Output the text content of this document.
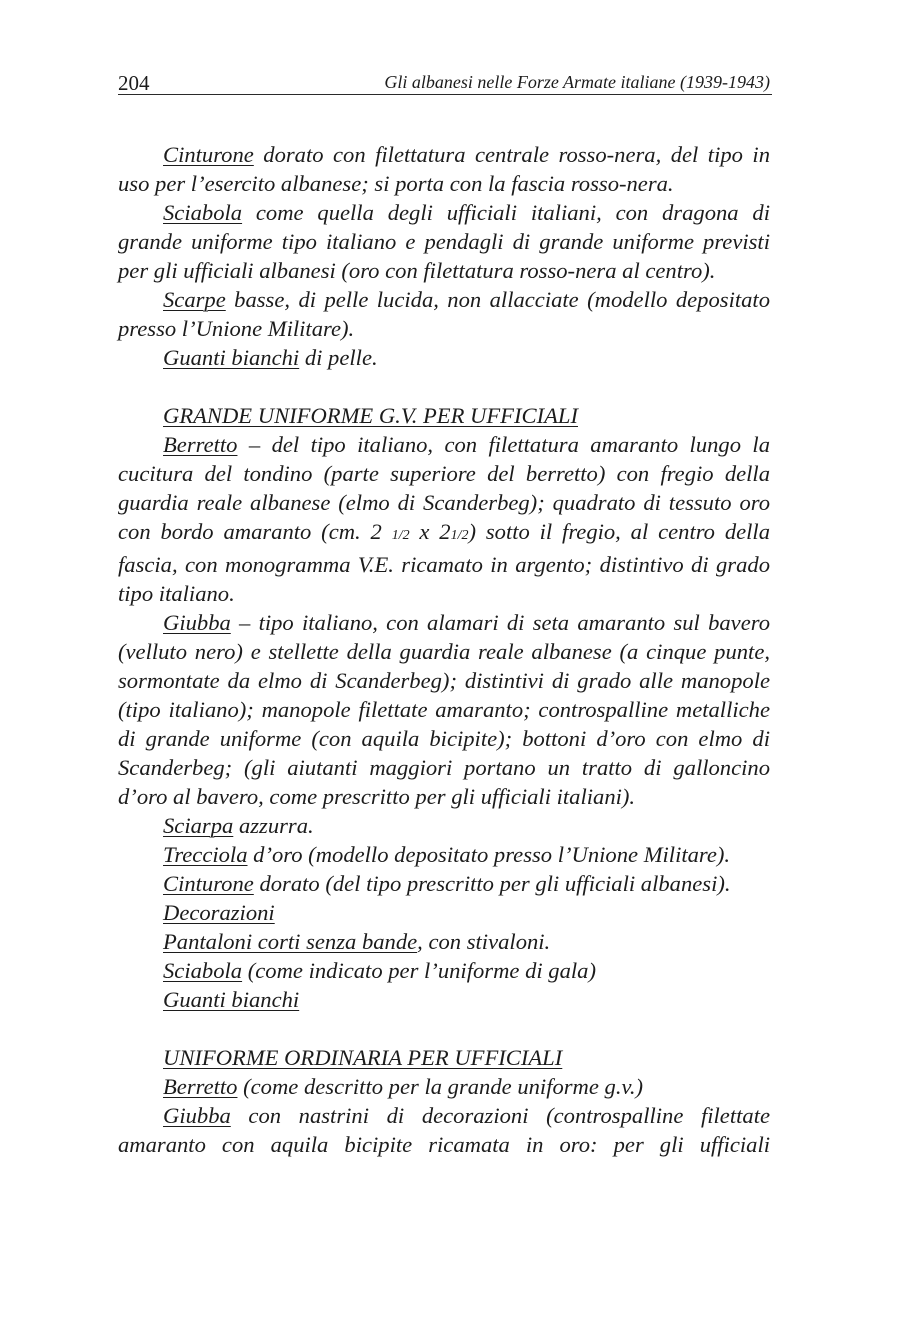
204	Gli albanesi nelle Forze Armate italiane (1939-1943)

Cinturone dorato con filettatura centrale rosso-nera, del tipo in uso per l’esercito albanese; si porta con la fascia rosso-nera.

Sciabola come quella degli ufficiali italiani, con dragona di grande uniforme tipo italiano e pendagli di grande uniforme previsti per gli ufficiali albanesi (oro con filettatura rosso-nera al centro).

Scarpe basse, di pelle lucida, non allacciate (modello depositato presso l’Unione Militare).

Guanti bianchi di pelle.

GRANDE UNIFORME G.V. PER UFFICIALI

Berretto – del tipo italiano, con filettatura amaranto lungo la cucitura del tondino (parte superiore del berretto) con fregio della guardia reale albanese (elmo di Scanderbeg); quadrato di tessuto oro con bordo amaranto (cm. 2 1/2 x 21/2) sotto il fregio, al centro della fascia, con monogramma V.E. ricamato in argento; distintivo di grado tipo italiano.

Giubba – tipo italiano, con alamari di seta amaranto sul bavero (velluto nero) e stellette della guardia reale albanese (a cinque punte, sormontate da elmo di Scanderbeg); distintivi di grado alle manopole (tipo italiano); manopole filettate amaranto; controspalline metalliche di grande uniforme (con aquila bicipite); bottoni d’oro con elmo di Scanderbeg; (gli aiutanti maggiori portano un tratto di galloncino d’oro al bavero, come prescritto per gli ufficiali italiani).

Sciarpa azzurra.

Trecciola d’oro (modello depositato presso l’Unione Militare).

Cinturone dorato (del tipo prescritto per gli ufficiali albanesi).

Decorazioni

Pantaloni corti senza bande, con stivaloni.

Sciabola (come indicato per l’uniforme di gala)

Guanti bianchi

UNIFORME ORDINARIA PER UFFICIALI

Berretto (come descritto per la grande uniforme g.v.)

Giubba con nastrini di decorazioni (controspalline filettate amaranto con aquila bicipite ricamata in oro: per gli ufficiali
